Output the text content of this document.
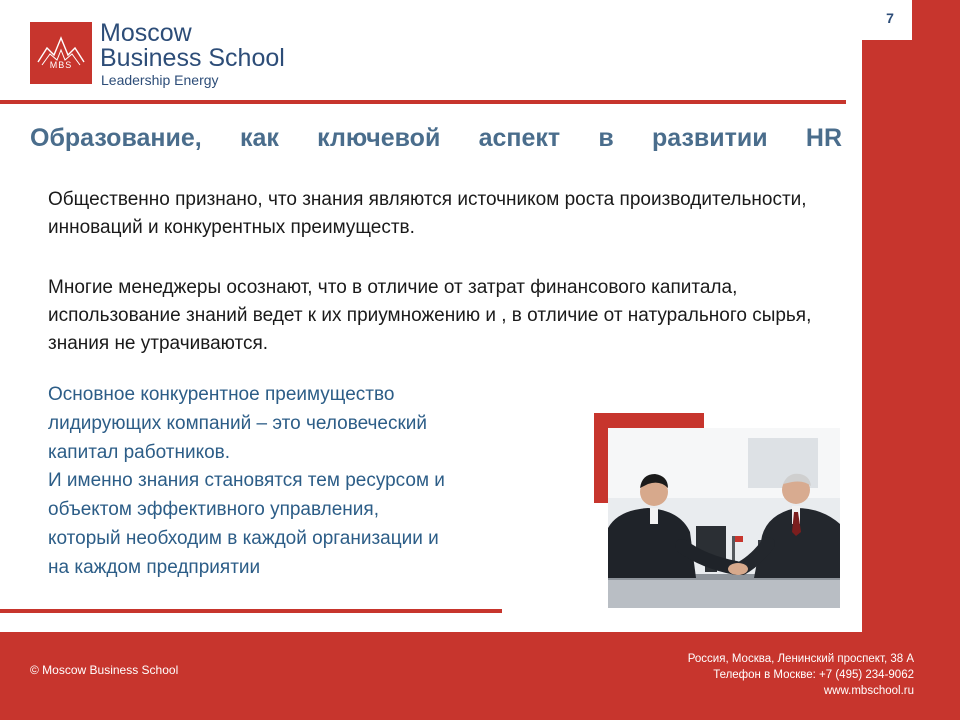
7
MBS
Moscow
Business School
Leadership Energy
Образование, как ключевой аспект в развитии HR
Общественно признано, что знания являются источником роста производительности, инноваций и конкурентных преимуществ.
Многие менеджеры осознают, что в отличие от затрат финансового капитала, использование знаний ведет к их приумножению и , в отличие от натурального сырья, знания не утрачиваются.
Основное конкурентное преимущество
лидирующих компаний – это человеческий
капитал работников.
И именно знания становятся тем ресурсом и
объектом эффективного управления,
который необходим в каждой организации и
на каждом предприятии
© Moscow Business School
Россия, Москва, Ленинский проспект, 38 А
Телефон в Москве: +7 (495) 234-9062
www.mbschool.ru
